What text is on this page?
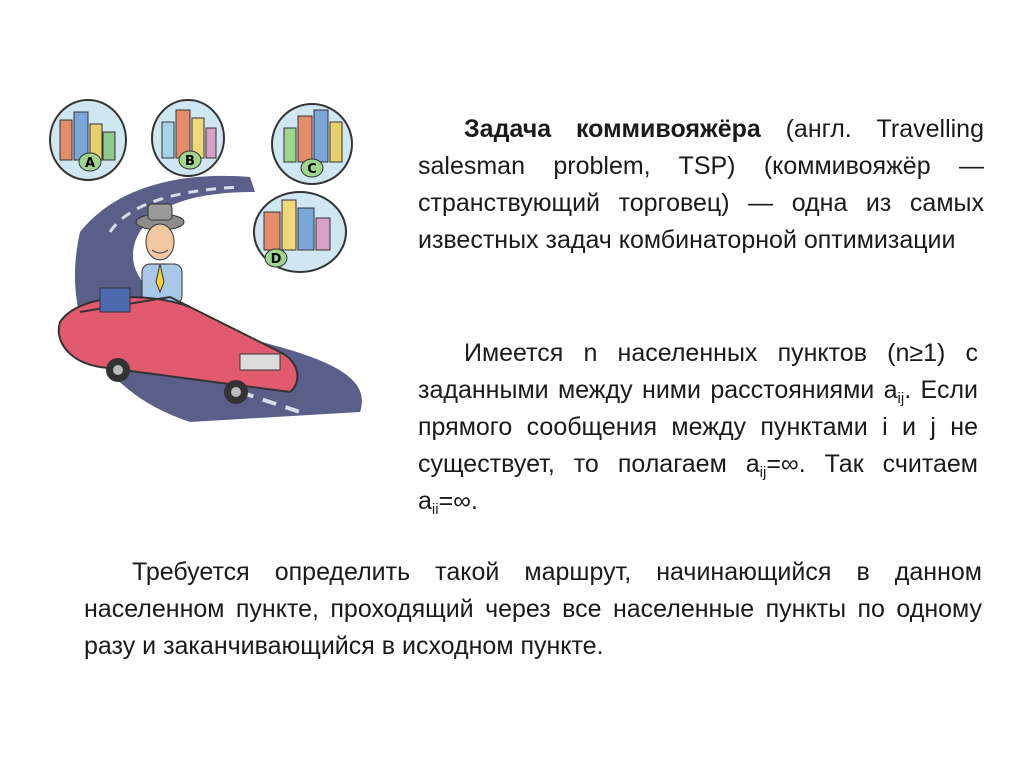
A	B
C
D

Задача коммивояжёра (англ. Travelling salesman problem, TSP) (коммивояжёр — странствующий торговец) — одна из самых известных задач комбинаторной оптимизации

Имеется n населенных пунктов (n≥1) с заданными между ними расстояниями $a_{ij}$. Если прямого сообщения между пунктами i и j не существует, то полагаем $a_{ij}=\infty$. Так считаем $a_{ii}=\infty$.

Требуется определить такой маршрут, начинающийся в данном населенном пункте, проходящий через все населенные пункты по одному разу и заканчивающийся в исходном пункте.
